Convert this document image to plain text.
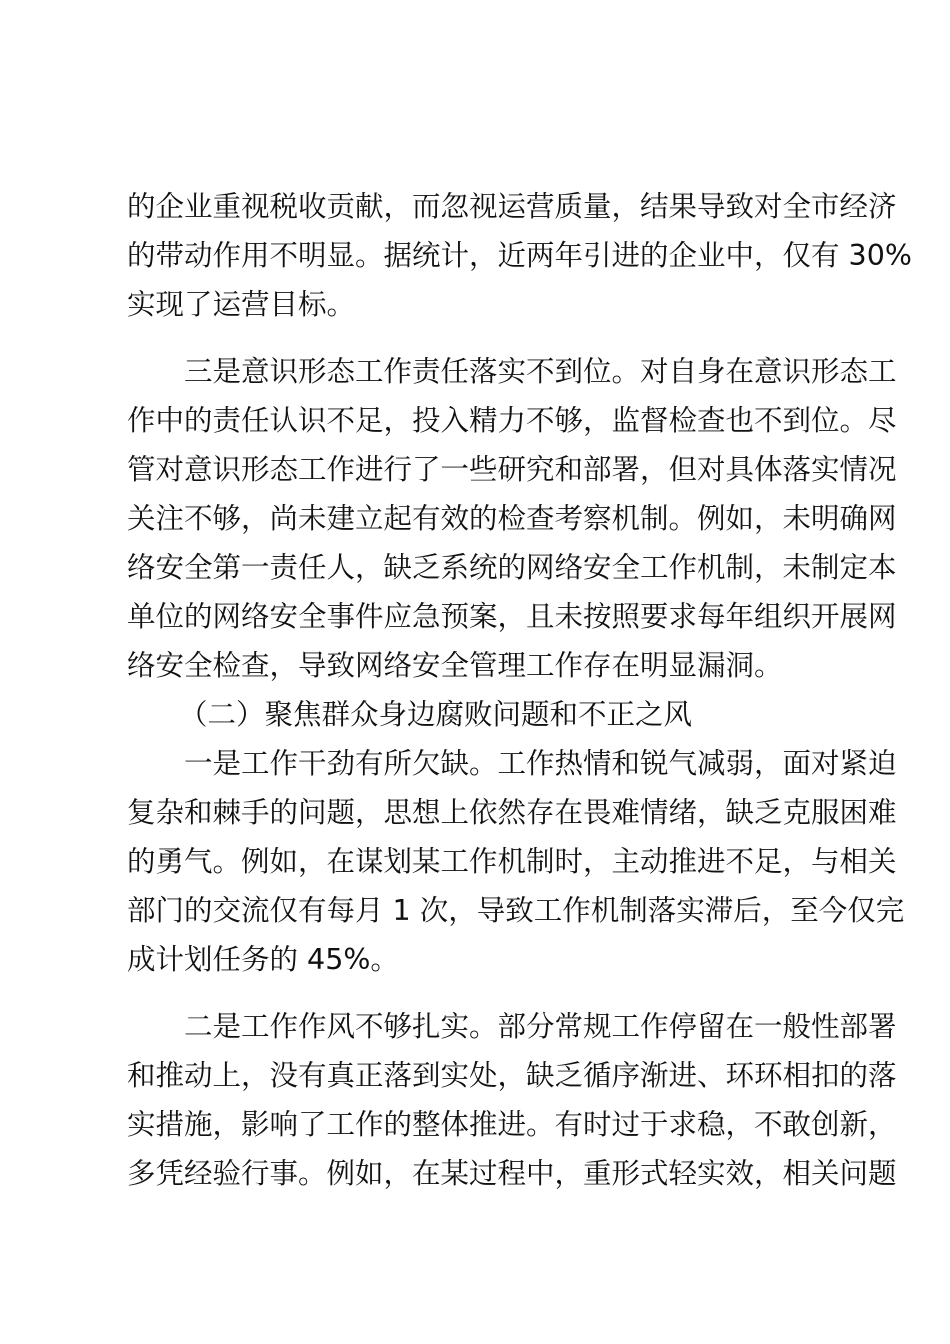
的企业重视税收贡献，而忽视运营质量，结果导致对全市经济
的带动作用不明显。据统计，近两年引进的企业中，仅有 30%
实现了运营目标。
三是意识形态工作责任落实不到位。对自身在意识形态工
作中的责任认识不足，投入精力不够，监督检查也不到位。尽
管对意识形态工作进行了一些研究和部署，但对具体落实情况
关注不够，尚未建立起有效的检查考察机制。例如，未明确网
络安全第一责任人，缺乏系统的网络安全工作机制，未制定本
单位的网络安全事件应急预案，且未按照要求每年组织开展网
络安全检查，导致网络安全管理工作存在明显漏洞。
（二）聚焦群众身边腐败问题和不正之风
一是工作干劲有所欠缺。工作热情和锐气减弱，面对紧迫
复杂和棘手的问题，思想上依然存在畏难情绪，缺乏克服困难
的勇气。例如，在谋划某工作机制时，主动推进不足，与相关
部门的交流仅有每月 1 次，导致工作机制落实滞后，至今仅完
成计划任务的 45%。
二是工作作风不够扎实。部分常规工作停留在一般性部署
和推动上，没有真正落到实处，缺乏循序渐进、环环相扣的落
实措施，影响了工作的整体推进。有时过于求稳，不敢创新，
多凭经验行事。例如，在某过程中，重形式轻实效，相关问题
